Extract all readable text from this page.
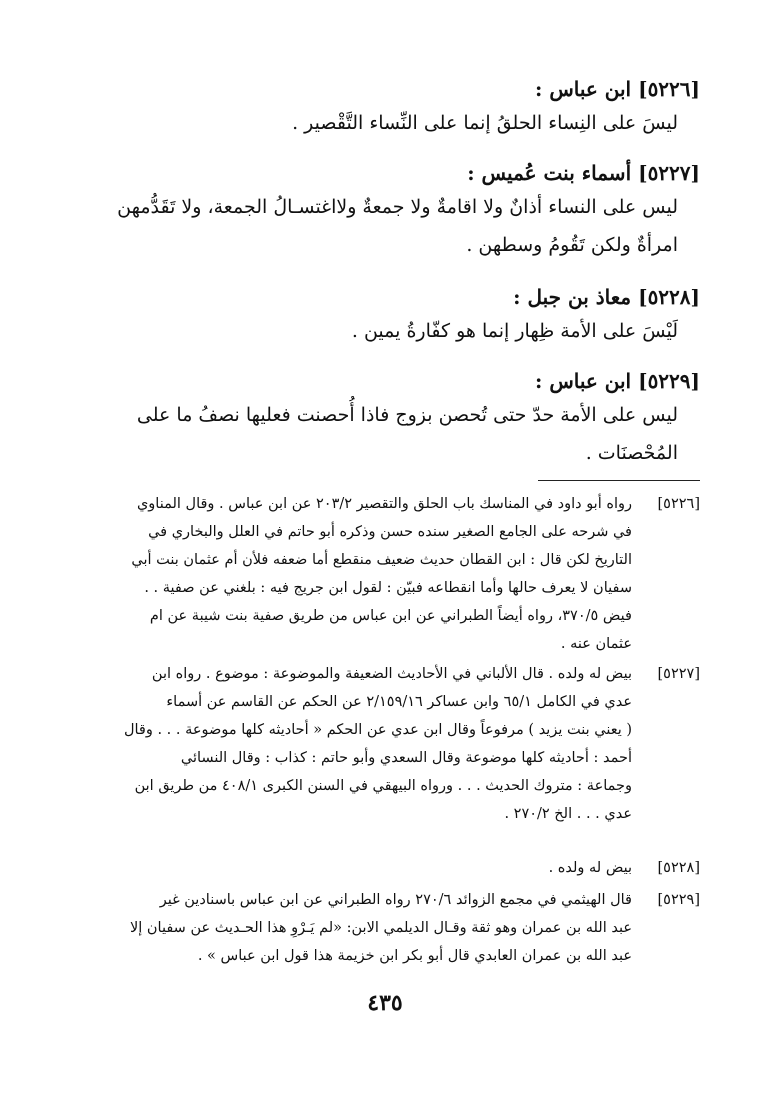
[٥٢٢٦] ابن عباس :
ليسَ على النِساء الحلقُ إنما على النِّساء التَّقْصير .
[٥٢٢٧] أسماء بنت عُميس :
ليس على النساء أذانٌ ولا اقامةٌ ولا جمعةٌ ولااغتسـالُ الجمعة، ولا تَقَدُّمهن
امرأةٌ ولكن تَقُومُ وسطهن .
[٥٢٢٨] معاذ بن جبل :
لَيْسَ على الأمة ظِهار إنما هو كفّارةُ يمين .
[٥٢٢٩] ابن عباس :
ليس على الأمة حدّ حتى تُحصن بزوج فاذا أُحصنت فعليها نصفُ ما على
المُحْصنَات .
[٥٢٢٦]
رواه أبو داود في المناسك باب الحلق والتقصير ٢٠٣/٢ عن ابن عباس . وقال المناوي
في شرحه على الجامع الصغير سنده حسن وذكره أبو حاتم في العلل والبخاري في
التاريخ لكن قال : ابن القطان حديث ضعيف منقطع أما ضعفه فلأن أم عثمان بنت أبي
سفيان لا يعرف حالها وأما انقطاعه فبيّن : لقول ابن جريج فيه : بلغني عن صفية . .
فيض ٣٧٠/٥، رواه أيضاً الطبراني عن ابن عباس من طريق صفية بنت شيبة عن ام
عثمان عنه .
[٥٢٢٧]
بيض له ولده . قال الألباني في الأحاديث الضعيفة والموضوعة : موضوع . رواه ابن
عدي في الكامل ٦٥/١ وابن عساكر ٢/١٥٩/١٦ عن الحكم عن القاسم عن أسماء
( يعني بنت يزيد ) مرفوعاً وقال ابن عدي عن الحكم « أحاديثه كلها موضوعة . . . وقال
أحمد : أحاديثه كلها موضوعة وقال السعدي وأبو حاتم : كذاب : وقال النسائي
وجماعة : متروك الحديث . . . ورواه البيهقي في السنن الكبرى ٤٠٨/١ من طريق ابن
عدي . . . الخ ٢٧٠/٢ .
[٥٢٢٨]
بيض له ولده .
[٥٢٢٩]
قال الهيثمي في مجمع الزوائد ٢٧٠/٦ رواه الطبراني عن ابن عباس باسنادين غير
عبد الله بن عمران وهو ثقة وقـال الديلمي الابن: «لم يَـرْوِ هذا الحـديث عن سفيان إلا
عبد الله بن عمران العابدي قال أبو بكر ابن خزيمة هذا قول ابن عباس » .
٤٣٥
